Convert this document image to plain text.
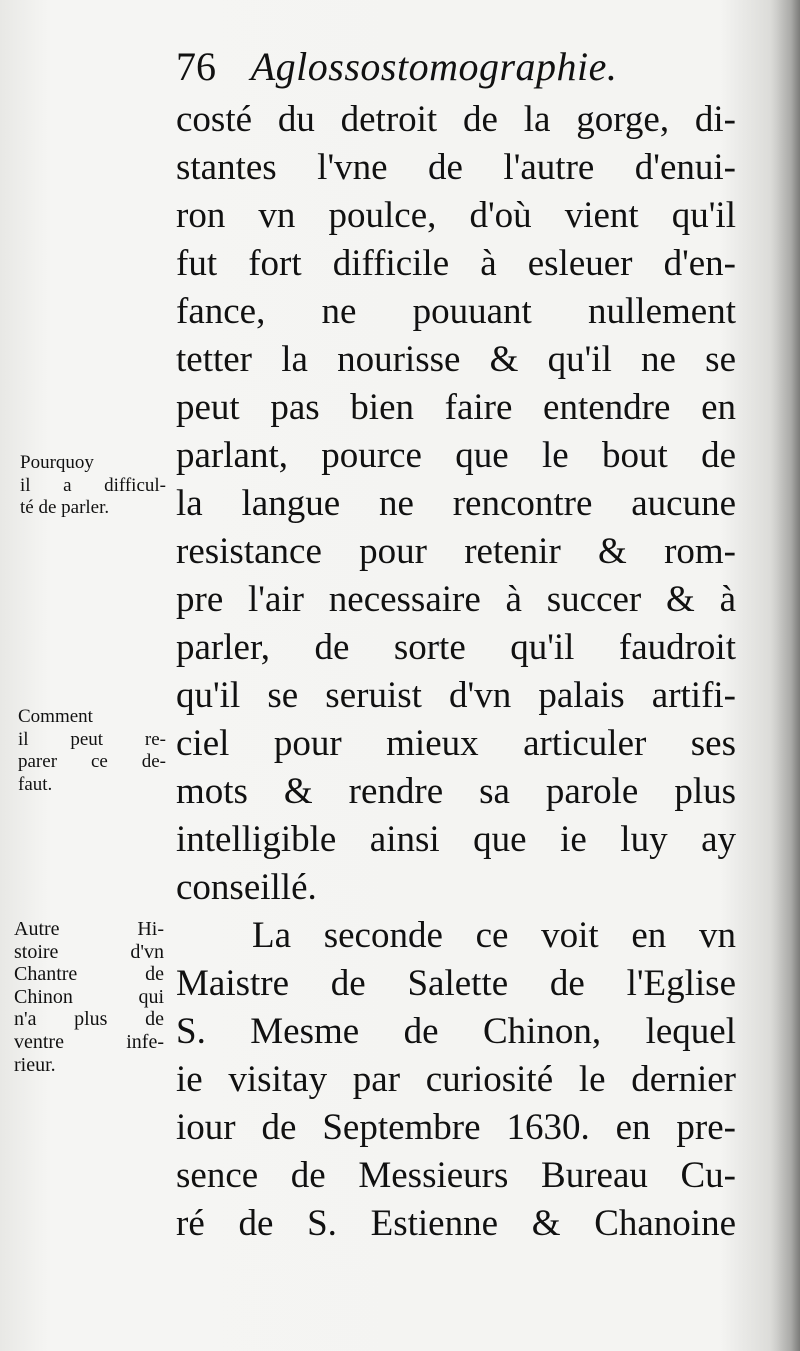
76 Aglossostomographie.
costé du detroit de la gorge, di-
stantes l'vne de l'autre d'enui-
ron vn poulce, d'où vient qu'il
fut fort difficile à esleuer d'en-
fance, ne pouuant nullement
tetter la nourisse & qu'il ne se
peut pas bien faire entendre en
parlant, pource que le bout de
la langue ne rencontre aucune
resistance pour retenir & rom-
pre l'air necessaire à succer & à
parler, de sorte qu'il faudroit
qu'il se seruist d'vn palais artifi-
ciel pour mieux articuler ses
mots & rendre sa parole plus
intelligible ainsi que ie luy ay
conseillé.
La seconde ce voit en vn
Maistre de Salette de l'Eglise
S. Mesme de Chinon, lequel
ie visitay par curiosité le dernier
iour de Septembre 1630. en pre-
sence de Messieurs Bureau Cu-
ré de S. Estienne & Chanoine
Pourquoy
il a difficul-
té de parler.
Comment
il peut re-
parer ce de-
faut.
Autre Hi-
stoire d'vn
Chantre de
Chinon qui
n'a plus de
ventre infe-
rieur.
